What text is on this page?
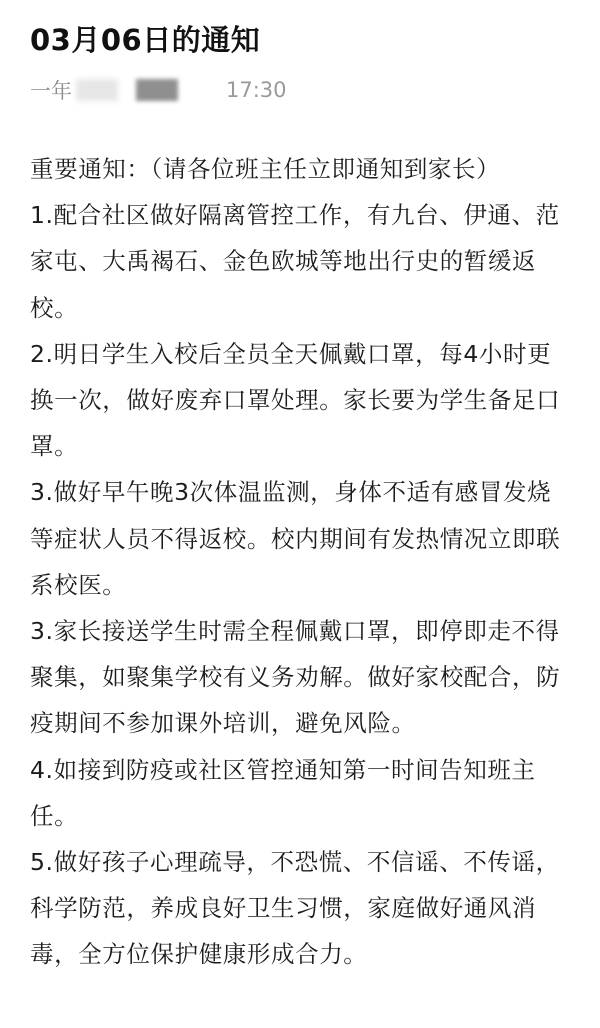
03月06日的通知
一年	17:30

重要通知：（请各位班主任立即通知到家长）

1.配合社区做好隔离管控工作，有九台、伊通、范家屯、大禹褐石、金色欧城等地出行史的暂缓返校。

2.明日学生入校后全员全天佩戴口罩，每4小时更换一次，做好废弃口罩处理。家长要为学生备足口罩。

3.做好早午晚3次体温监测，身体不适有感冒发烧等症状人员不得返校。校内期间有发热情况立即联系校医。

3.家长接送学生时需全程佩戴口罩，即停即走不得聚集，如聚集学校有义务劝解。做好家校配合，防疫期间不参加课外培训，避免风险。

4.如接到防疫或社区管控通知第一时间告知班主任。

5.做好孩子心理疏导，不恐慌、不信谣、不传谣，科学防范，养成良好卫生习惯，家庭做好通风消毒，全方位保护健康形成合力。
